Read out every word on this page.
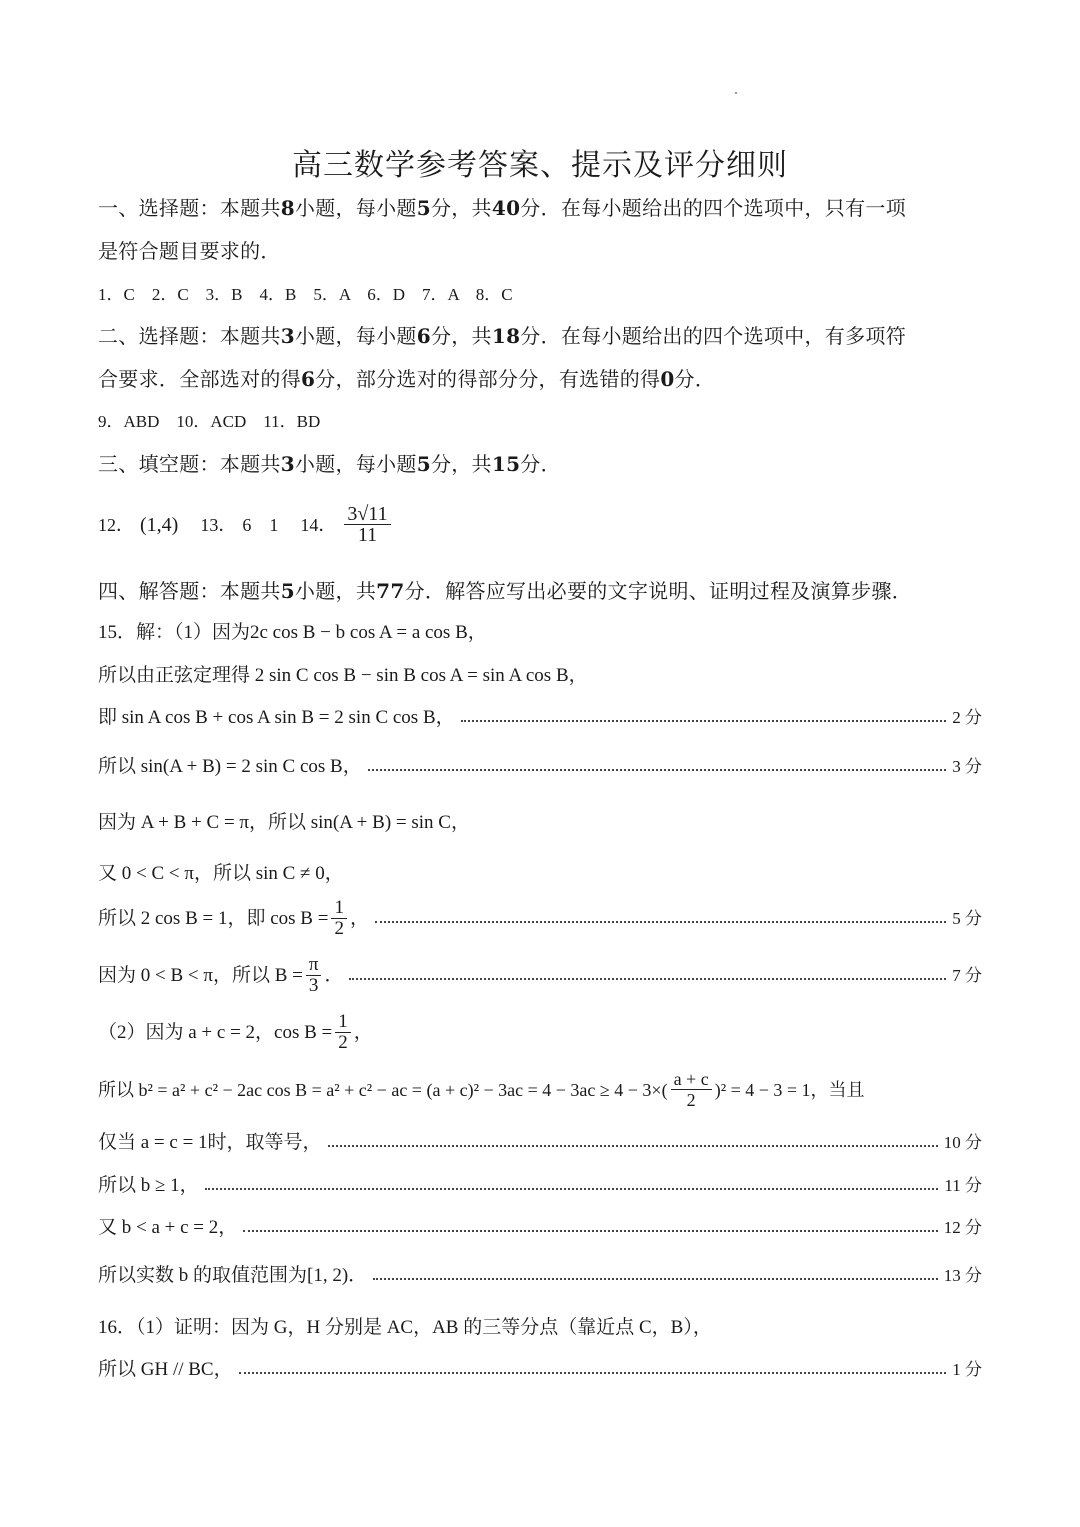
高三数学参考答案、提示及评分细则
一、选择题：本题共8小题，每小题5分，共40分．在每小题给出的四个选项中，只有一项
是符合题目要求的．
1．C　2．C　3．B　4．B　5．A　6．D　7．A　8．C
二、选择题：本题共3小题，每小题6分，共18分．在每小题给出的四个选项中，有多项符
合要求．全部选对的得6分，部分选对的得部分分，有选错的得0分．
9．ABD　10．ACD　11．BD
三、填空题：本题共3小题，每小题5分，共15分．
12． (1,4) 13． 6　1 14． $\frac{3√11}{11}$
四、解答题：本题共5小题，共77分．解答应写出必要的文字说明、证明过程及演算步骤．
15．解：（1）因为2c cos B − b cos A = a cos B，
所以由正弦定理得 2 sin C cos B − sin B cos A = sin A cos B，
即 sin A cos B + cos A sin B = 2 sin C cos B，	2 分
所以 sin(A + B) = 2 sin C cos B，	3 分
因为 A + B + C = π，所以 sin(A + B) = sin C，
又 0 < C < π，所以 sin C ≠ 0，
所以 2 cos B = 1，即 $\cos B = \frac{1}{2}$ ，	5 分
因为 0 < B < π，所以 $B = \frac{\pi}{3}$ ．	7 分
（2）因为 a + c = 2，$\cos B = \frac{1}{2}$ ，
所以 b² = a² + c² − 2ac cos B = a² + c² − ac = $(a + c)^2 - 3ac = 4 - 3ac \ge 4 - 3\times( \frac{a + c}{2} )^2 = 4 - 3 = 1$，当且
仅当 a = c = 1时，取等号，	10 分
所以 b ≥ 1，	11 分
又 b < a + c = 2，	12 分
所以实数 b 的取值范围为[1, 2)．	13 分
16．（1）证明：因为 G，H 分别是 AC，AB 的三等分点（靠近点 C，B），
所以 GH // BC，	1 分
